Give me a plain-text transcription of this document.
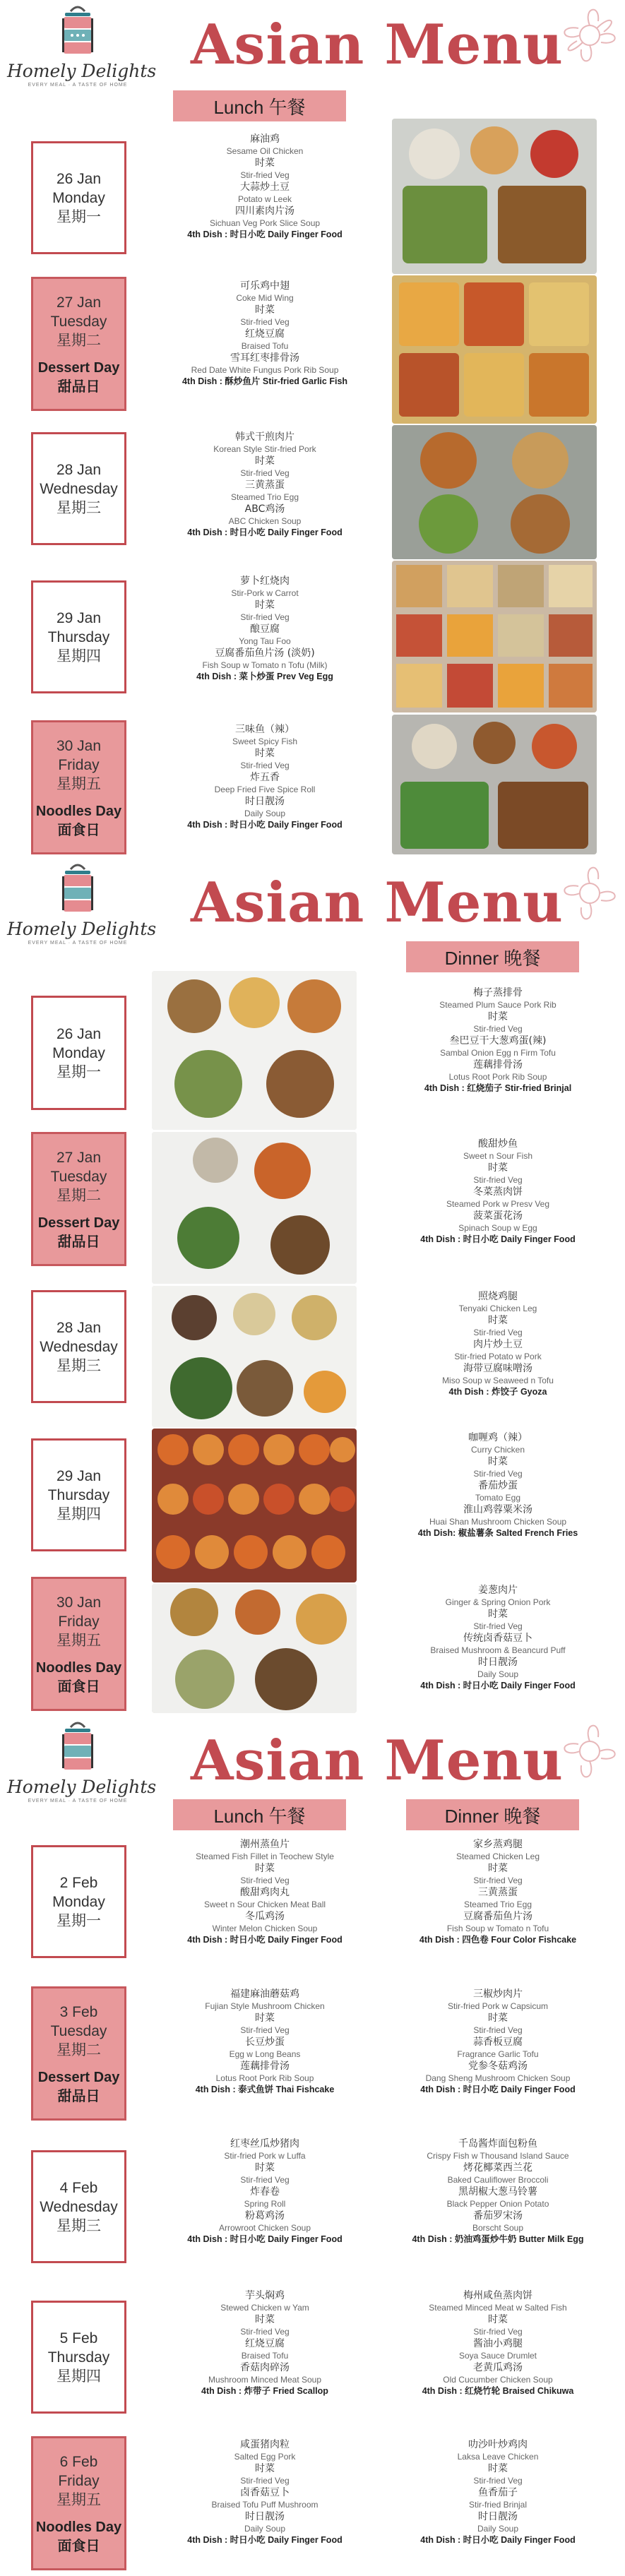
Homely Delights
EVERY MEAL · A TASTE OF HOME
Asian Menu
Lunch 午餐
26 Jan
Monday
星期一
麻油鸡
Sesame Oil Chicken
时菜
Stir-fried Veg
大蒜炒土豆
Potato w Leek
四川素肉片汤
Sichuan Veg Pork Slice Soup
4th Dish : 时日小吃 Daily Finger Food
27 Jan
Tuesday
星期二
Dessert Day
甜品日
可乐鸡中翅
Coke Mid Wing
时菜
Stir-fried Veg
红烧豆腐
Braised Tofu
雪耳红枣排骨汤
Red Date White Fungus Pork Rib Soup
4th Dish : 酥炒鱼片 Stir-fried Garlic Fish
28 Jan
Wednesday
星期三
韩式干煎肉片
Korean Style Stir-fried Pork
时菜
Stir-fried Veg
三黄蒸蛋
Steamed Trio Egg
ABC鸡汤
ABC Chicken Soup
4th Dish : 时日小吃 Daily Finger Food
29 Jan
Thursday
星期四
萝卜红烧肉
Stir-Pork w Carrot
时菜
Stir-fried Veg
酿豆腐
Yong Tau Foo
豆腐番茄鱼片汤 (淡奶)
Fish Soup w Tomato n Tofu (Milk)
4th Dish : 菜卜炒蛋 Prev Veg Egg
30 Jan
Friday
星期五
Noodles Day
面食日
三味鱼（辣）
Sweet Spicy Fish
时菜
Stir-fried Veg
炸五香
Deep Fried Five Spice Roll
时日靓汤
Daily Soup
4th Dish : 时日小吃 Daily Finger Food
Homely Delights
EVERY MEAL · A TASTE OF HOME
Asian Menu
Dinner 晚餐
26 Jan
Monday
星期一
梅子蒸排骨
Steamed Plum Sauce Pork Rib
时菜
Stir-fried Veg
叁巴豆干大葱鸡蛋(辣)
Sambal Onion Egg n Firm Tofu
莲藕排骨汤
Lotus Root Pork Rib Soup
4th Dish : 红烧茄子 Stir-fried Brinjal
27 Jan
Tuesday
星期二
Dessert Day
甜品日
酸甜炒鱼
Sweet n Sour Fish
时菜
Stir-fried Veg
冬菜蒸肉饼
Steamed Pork w Presv Veg
菠菜蛋花汤
Spinach Soup w Egg
4th Dish : 时日小吃 Daily Finger Food
28 Jan
Wednesday
星期三
照烧鸡腿
Tenyaki Chicken Leg
时菜
Stir-fried Veg
肉片炒土豆
Stir-fried Potato w Pork
海带豆腐味噌汤
Miso Soup w Seaweed n Tofu
4th Dish : 炸饺子 Gyoza
29 Jan
Thursday
星期四
咖喱鸡（辣）
Curry Chicken
时菜
Stir-fried Veg
番茄炒蛋
Tomato Egg
淮山鸡蓉粟米汤
Huai Shan Mushroom Chicken Soup
4th Dish: 椒盐薯条 Salted French Fries
30 Jan
Friday
星期五
Noodles Day
面食日
姜葱肉片
Ginger & Spring Onion Pork
时菜
Stir-fried Veg
传统卤香菇豆卜
Braised Mushroom & Beancurd Puff
时日靓汤
Daily Soup
4th Dish : 时日小吃 Daily Finger Food
Homely Delights
EVERY MEAL · A TASTE OF HOME
Asian Menu
Lunch 午餐	Dinner 晚餐
2 Feb
Monday
星期一
潮州蒸鱼片
Steamed Fish Fillet in Teochew Style
时菜
Stir-fried Veg
酸甜鸡肉丸
Sweet n Sour Chicken Meat Ball
冬瓜鸡汤
Winter Melon Chicken Soup
4th Dish : 时日小吃 Daily Finger Food
家乡蒸鸡腿
Steamed Chicken Leg
时菜
Stir-fried Veg
三黄蒸蛋
Steamed Trio Egg
豆腐番茄鱼片汤
Fish Soup w Tomato n Tofu
4th Dish : 四色卷 Four Color Fishcake
3 Feb
Tuesday
星期二
Dessert Day
甜品日
福建麻油蘑菇鸡
Fujian Style Mushroom Chicken
时菜
Stir-fried Veg
长豆炒蛋
Egg w Long Beans
莲藕排骨汤
Lotus Root Pork Rib Soup
4th Dish : 泰式鱼饼 Thai Fishcake
三椒炒肉片
Stir-fried Pork w Capsicum
时菜
Stir-fried Veg
蒜香板豆腐
Fragrance Garlic Tofu
党参冬菇鸡汤
Dang Sheng Mushroom Chicken Soup
4th Dish : 时日小吃 Daily Finger Food
4 Feb
Wednesday
星期三
红枣丝瓜炒猪肉
Stir-fried Pork w Luffa
时菜
Stir-fried Veg
炸春卷
Spring Roll
粉葛鸡汤
Arrowroot Chicken Soup
4th Dish : 时日小吃 Daily Finger Food
千岛酱炸面包粉鱼
Crispy Fish w Thousand Island Sauce
烤花椰菜西兰花
Baked Cauliflower Broccoli
黑胡椒大葱马铃薯
Black Pepper Onion Potato
番茄罗宋汤
Borscht Soup
4th Dish : 奶油鸡蛋炒牛奶 Butter Milk Egg
5 Feb
Thursday
星期四
芋头焖鸡
Stewed Chicken w Yam
时菜
Stir-fried Veg
红烧豆腐
Braised Tofu
香菇肉碎汤
Mushroom Minced Meat Soup
4th Dish : 炸带子 Fried Scallop
梅州咸鱼蒸肉饼
Steamed Minced Meat w Salted Fish
时菜
Stir-fried Veg
酱油小鸡腿
Soya Sauce Drumlet
老黄瓜鸡汤
Old Cucumber Chicken Soup
4th Dish : 红烧竹轮 Braised Chikuwa
6 Feb
Friday
星期五
Noodles Day
面食日
咸蛋猪肉粒
Salted Egg Pork
时菜
Stir-fried Veg
卤香菇豆卜
Braised Tofu Puff Mushroom
时日靓汤
Daily Soup
4th Dish : 时日小吃 Daily Finger Food
叻沙叶炒鸡肉
Laksa Leave Chicken
时菜
Stir-fried Veg
鱼香茄子
Stir-fried Brinjal
时日靓汤
Daily Soup
4th Dish : 时日小吃 Daily Finger Food
